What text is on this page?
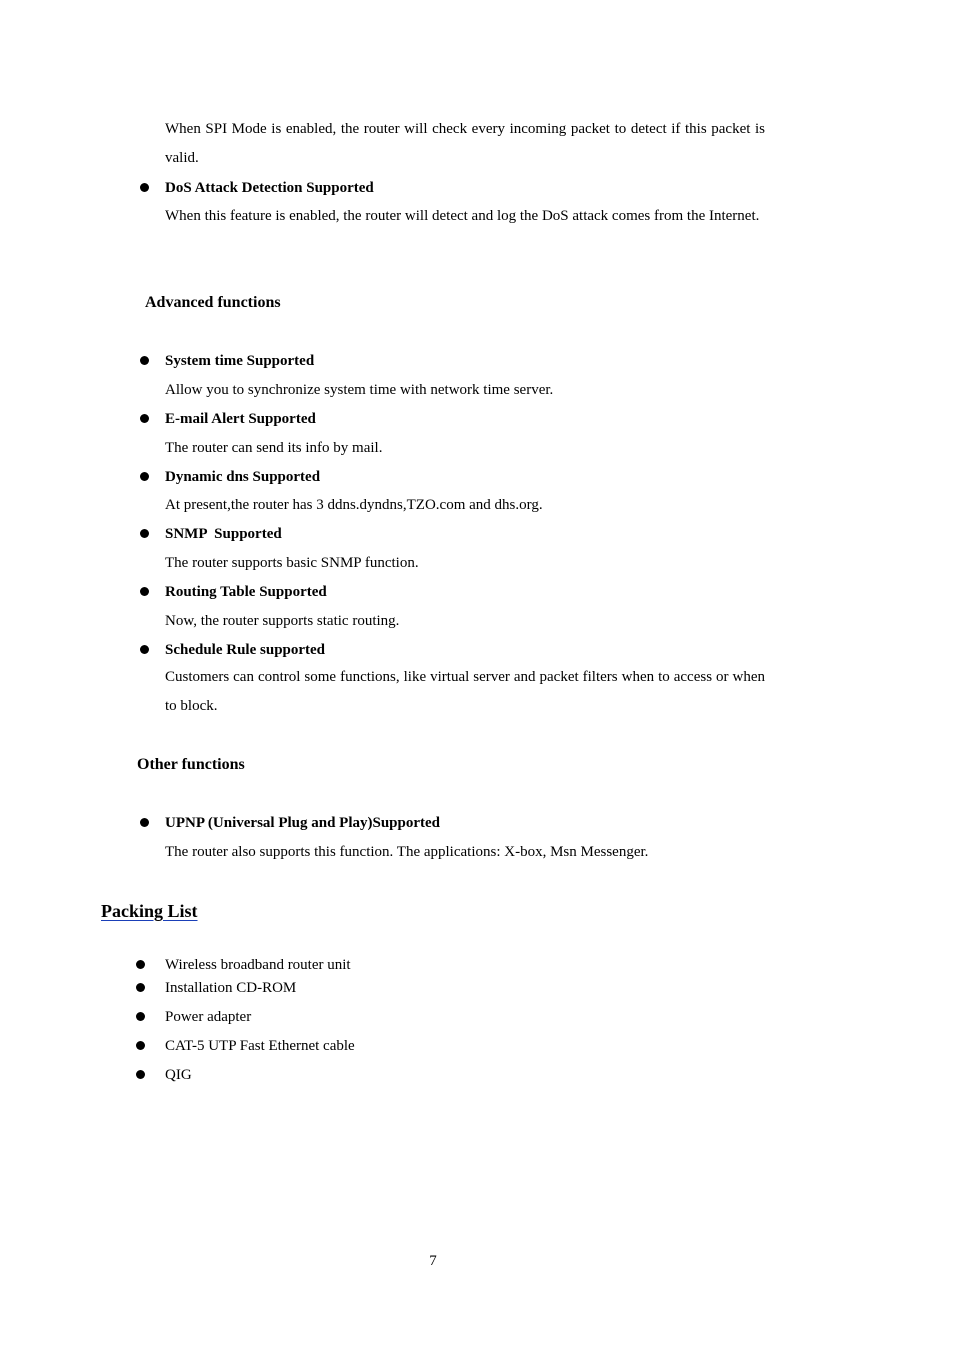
When SPI Mode is enabled, the router will check every incoming packet to detect if this packet is valid.

DoS Attack Detection Supported

When this feature is enabled, the router will detect and log the DoS attack comes from the Internet.

Advanced functions
System time Supported
Allow you to synchronize system time with network time server.
E-mail Alert Supported
The router can send its info by mail.
Dynamic dns Supported
At present,the router has 3 ddns.dyndns,TZO.com and dhs.org.
SNMP  Supported
The router supports basic SNMP function.
Routing Table Supported
Now, the router supports static routing.
Schedule Rule supported

Customers can control some functions, like virtual server and packet filters when to access or when to block.

Other functions
UPNP (Universal Plug and Play)Supported
The router also supports this function. The applications: X-box, Msn Messenger.
Packing List
Wireless broadband router unit
Installation CD-ROM
Power adapter
CAT-5 UTP Fast Ethernet cable
QIG
7
